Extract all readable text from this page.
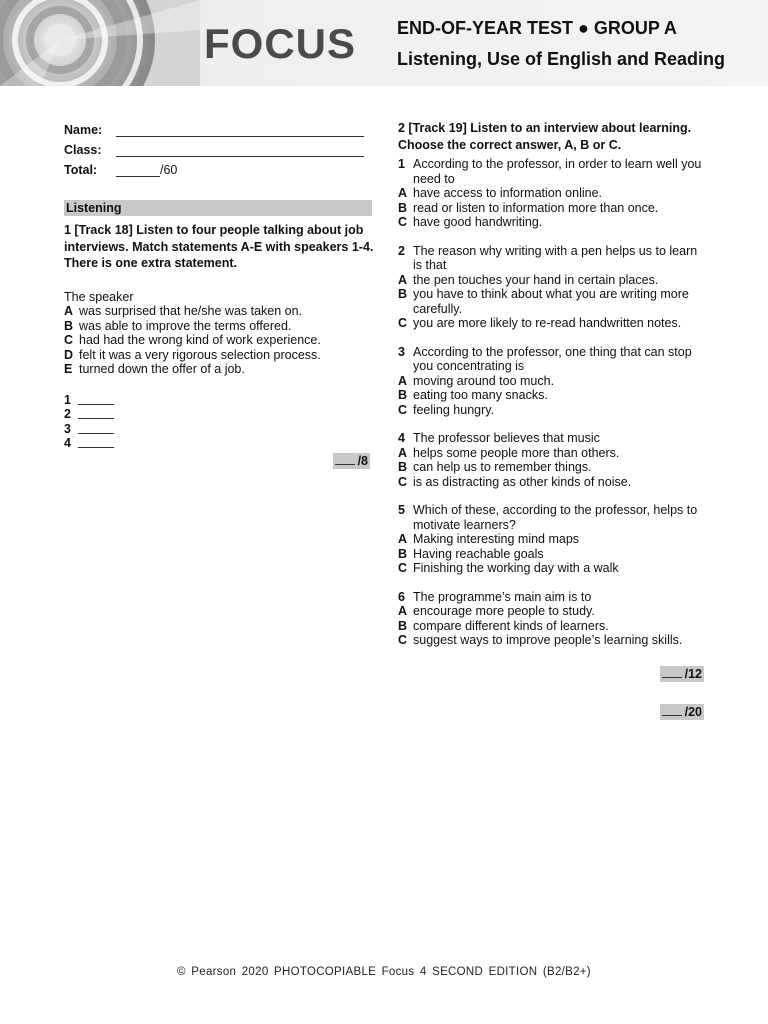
FOCUS END-OF-YEAR TEST ● GROUP A
Listening, Use of English and Reading
Name:
Class:
Total:	/60
Listening
1 [Track 18] Listen to four people talking about job interviews. Match statements A-E with speakers 1-4. There is one extra statement.
The speaker
A was surprised that he/she was taken on.
B was able to improve the terms offered.
C had had the wrong kind of work experience.
D felt it was a very rigorous selection process.
E turned down the offer of a job.
1
2
3
4
/8
2 [Track 19] Listen to an interview about learning. Choose the correct answer, A, B or C.
1 According to the professor, in order to learn well you need to
A have access to information online.
B read or listen to information more than once.
C have good handwriting.
2 The reason why writing with a pen helps us to learn is that
A the pen touches your hand in certain places.
B you have to think about what you are writing more carefully.
C you are more likely to re-read handwritten notes.
3 According to the professor, one thing that can stop you concentrating is
A moving around too much.
B eating too many snacks.
C feeling hungry.
4 The professor believes that music
A helps some people more than others.
B can help us to remember things.
C is as distracting as other kinds of noise.
5 Which of these, according to the professor, helps to motivate learners?
A Making interesting mind maps
B Having reachable goals
C Finishing the working day with a walk
6 The programme’s main aim is to
A encourage more people to study.
B compare different kinds of learners.
C suggest ways to improve people’s learning skills.
/12
/20
© Pearson 2020 PHOTOCOPIABLE Focus 4 SECOND EDITION (B2/B2+)
